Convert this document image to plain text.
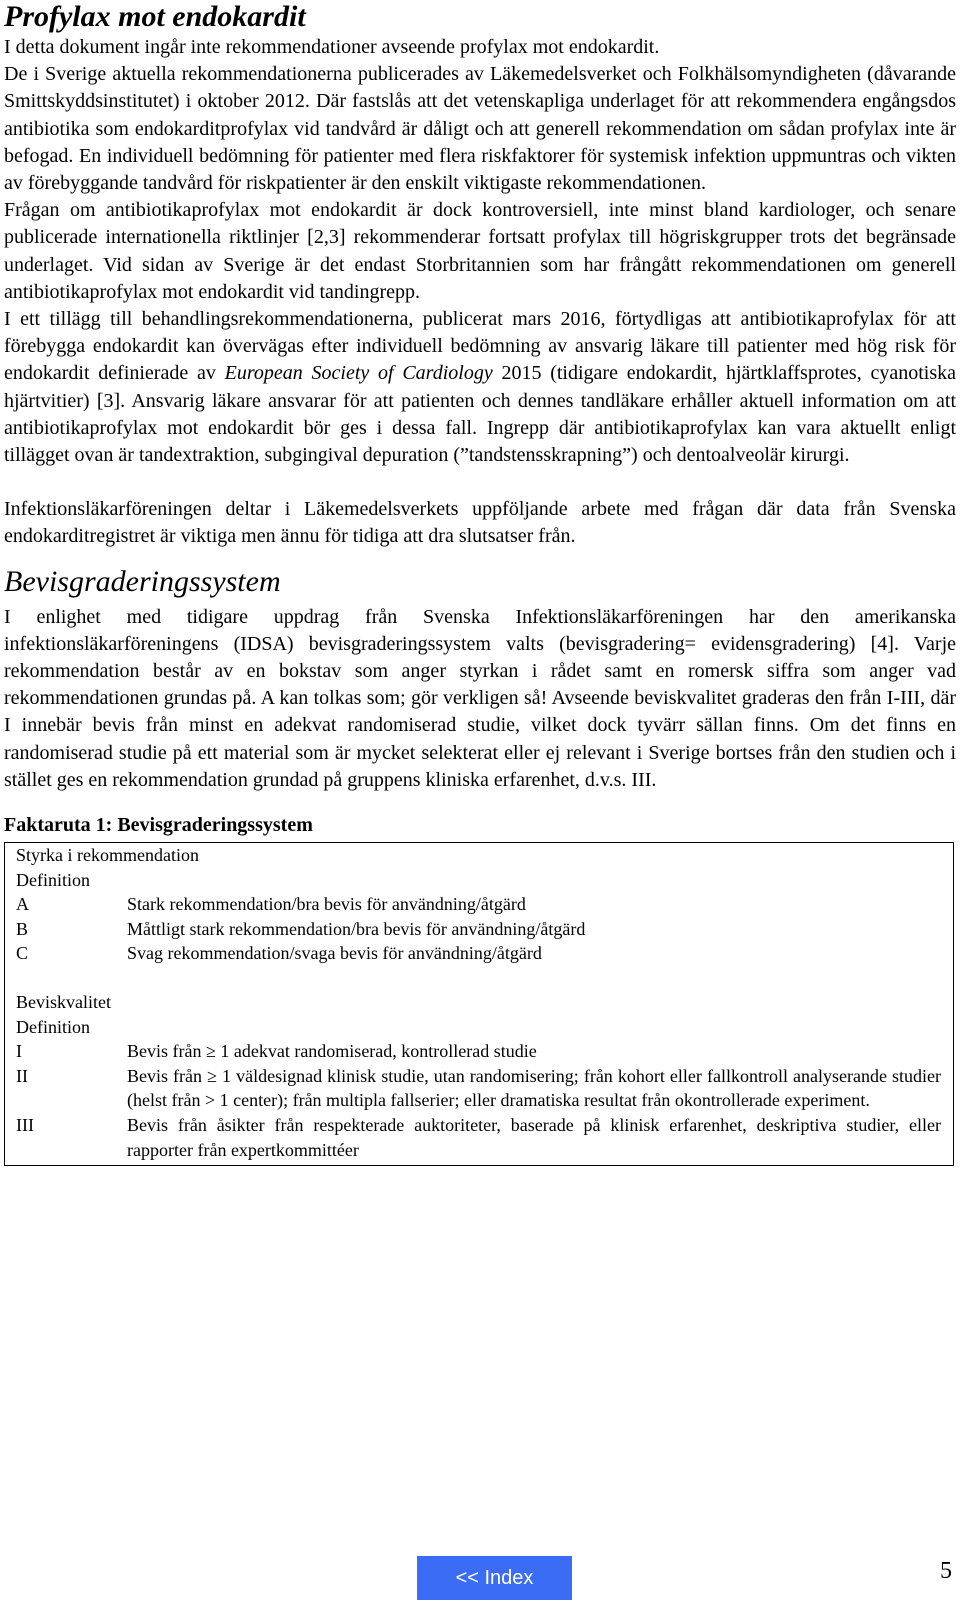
Profylax mot endokardit

I detta dokument ingår inte rekommendationer avseende profylax mot endokardit.

De i Sverige aktuella rekommendationerna publicerades av Läkemedelsverket och Folkhälsomyndigheten (dåvarande Smittskyddsinstitutet) i oktober 2012. Där fastslås att det vetenskapliga underlaget för att rekommendera engångsdos antibiotika som endokarditprofylax vid tandvård är dåligt och att generell rekommendation om sådan profylax inte är befogad. En individuell bedömning för patienter med flera riskfaktorer för systemisk infektion uppmuntras och vikten av förebyggande tandvård för riskpatienter är den enskilt viktigaste rekommendationen.

Frågan om antibiotikaprofylax mot endokardit är dock kontroversiell, inte minst bland kardiologer, och senare publicerade internationella riktlinjer [2,3] rekommenderar fortsatt profylax till högriskgrupper trots det begränsade underlaget. Vid sidan av Sverige är det endast Storbritannien som har frångått rekommendationen om generell antibiotikaprofylax mot endokardit vid tandingrepp.

I ett tillägg till behandlingsrekommendationerna, publicerat mars 2016, förtydligas att antibiotikaprofylax för att förebygga endokardit kan övervägas efter individuell bedömning av ansvarig läkare till patienter med hög risk för endokardit definierade av European Society of Cardiology 2015 (tidigare endokardit, hjärtklaffsprotes, cyanotiska hjärtvitier) [3]. Ansvarig läkare ansvarar för att patienten och dennes tandläkare erhåller aktuell information om att antibiotikaprofylax mot endokardit bör ges i dessa fall. Ingrepp där antibiotikaprofylax kan vara aktuellt enligt tillägget ovan är tandextraktion, subgingival depuration (”tandstensskrapning”) och dentoalveolär kirurgi.

Infektionsläkarföreningen deltar i Läkemedelsverkets uppföljande arbete med frågan där data från Svenska endokarditregistret är viktiga men ännu för tidiga att dra slutsatser från.

Bevisgraderingssystem

I enlighet med tidigare uppdrag från Svenska Infektionsläkarföreningen har den amerikanska infektionsläkarföreningens (IDSA) bevisgraderingssystem valts (bevisgradering= evidensgradering) [4]. Varje rekommendation består av en bokstav som anger styrkan i rådet samt en romersk siffra som anger vad rekommendationen grundas på. A kan tolkas som; gör verkligen så! Avseende beviskvalitet graderas den från I-III, där I innebär bevis från minst en adekvat randomiserad studie, vilket dock tyvärr sällan finns. Om det finns en randomiserad studie på ett material som är mycket selekterat eller ej relevant i Sverige bortses från den studien och i stället ges en rekommendation grundad på gruppens kliniska erfarenhet, d.v.s. III.

Faktaruta 1: Bevisgraderingssystem
Styrka i rekommendation
Definition
A	Stark rekommendation/bra bevis för användning/åtgärd
B	Måttligt stark rekommendation/bra bevis för användning/åtgärd
C	Svag rekommendation/svaga bevis för användning/åtgärd
Beviskvalitet
Definition
I	Bevis från ≥ 1 adekvat randomiserad, kontrollerad studie
II	Bevis från ≥ 1 väldesignad klinisk studie, utan randomisering; från kohort eller fallkontroll analyserande studier (helst från > 1 center); från multipla fallserier; eller dramatiska resultat från okontrollerade experiment.
III	Bevis från åsikter från respekterade auktoriteter, baserade på klinisk erfarenhet, deskriptiva studier, eller rapporter från expertkommittéer
<< Index	5
